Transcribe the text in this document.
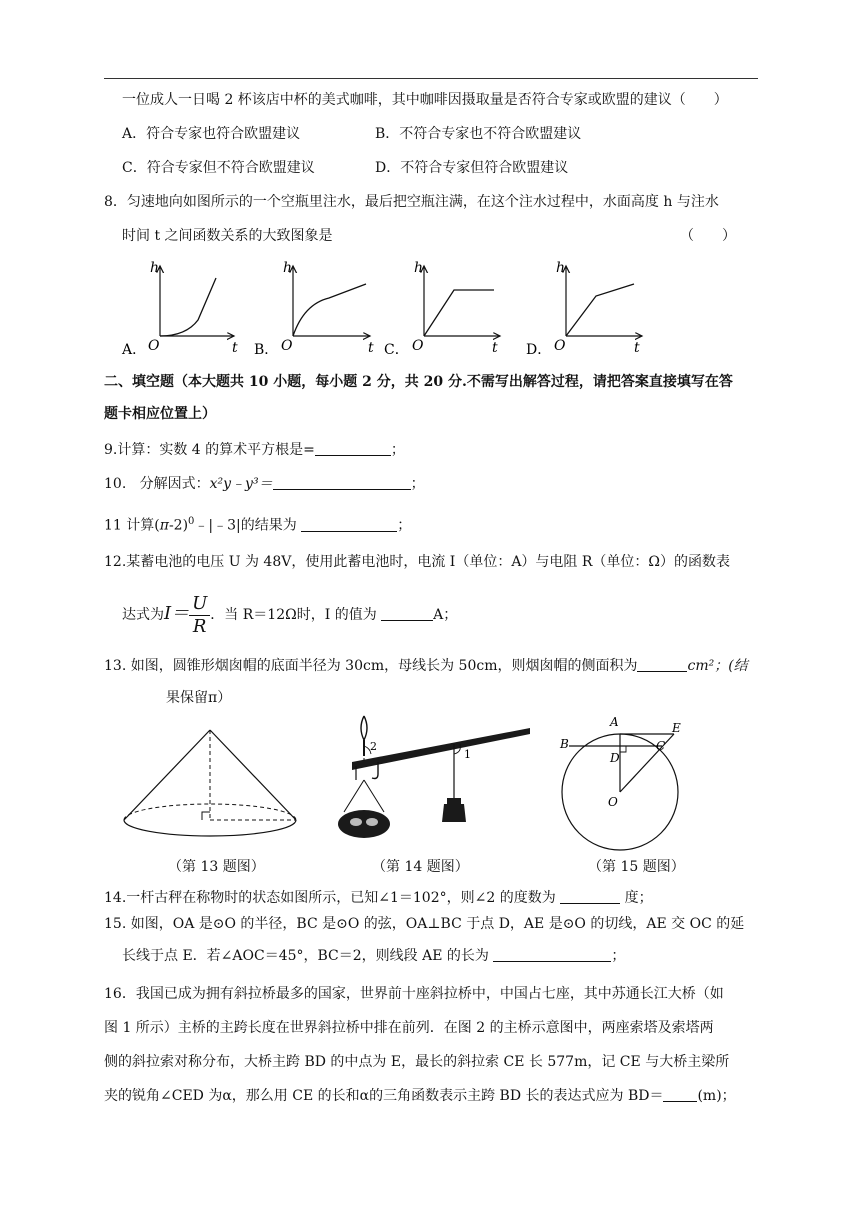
一位成人一日喝 2 杯该店中杯的美式咖啡，其中咖啡因摄取量是否符合专家或欧盟的建议（　　）
A．符合专家也符合欧盟建议	B．不符合专家也不符合欧盟建议
C．符合专家但不符合欧盟建议	D．不符合专家但符合欧盟建议
8．匀速地向如图所示的一个空瓶里注水，最后把空瓶注满，在这个注水过程中，水面高度 h 与注水
时间 t 之间函数关系的大致图象是	（　　）
h
t
O
A．
h
t
O
B．
h
t
O
C．
h
t
O
D．
二、填空题（本大题共 10 小题，每小题 2 分，共 20 分.不需写出解答过程，请把答案直接填写在答
题卡相应位置上）
9.计算：实数 4 的算术平方根是=	；
10. 分解因式：x²y﹣y³＝	；
11 计算$(\pi-2)^0﹣|﹣3|$的结果为	；
12.某蓄电池的电压 U 为 48V，使用此蓄电池时，电流 I（单位：A）与电阻 R（单位：Ω）的函数表
达式为$I= \frac{U}{R}$ ．当 R＝12Ω时，I 的值为	A；
13. 如图，圆锥形烟囱帽的底面半径为 30cm，母线长为 50cm，则烟囱帽的侧面积为	cm²；(结
果保留π）
（第 13 题图）
2
1
（第 14 题图）
A	E
B	C
D
O
（第 15 题图）
14.一杆古秤在称物时的状态如图所示，已知∠1＝102°，则∠2 的度数为	度；
15. 如图，OA 是⊙O 的半径，BC 是⊙O 的弦，OA⊥BC 于点 D，AE 是⊙O 的切线，AE 交 OC 的延
长线于点 E．若∠AOC＝45°，BC＝2，则线段 AE 的长为	；
16．我国已成为拥有斜拉桥最多的国家，世界前十座斜拉桥中，中国占七座，其中苏通长江大桥（如
图 1 所示）主桥的主跨长度在世界斜拉桥中排在前列．在图 2 的主桥示意图中，两座索塔及索塔两
侧的斜拉索对称分布，大桥主跨 BD 的中点为 E，最长的斜拉索 CE 长 577m，记 CE 与大桥主梁所
夹的锐角∠CED 为α，那么用 CE 的长和α的三角函数表示主跨 BD 长的表达式应为 BD＝ (m)；
